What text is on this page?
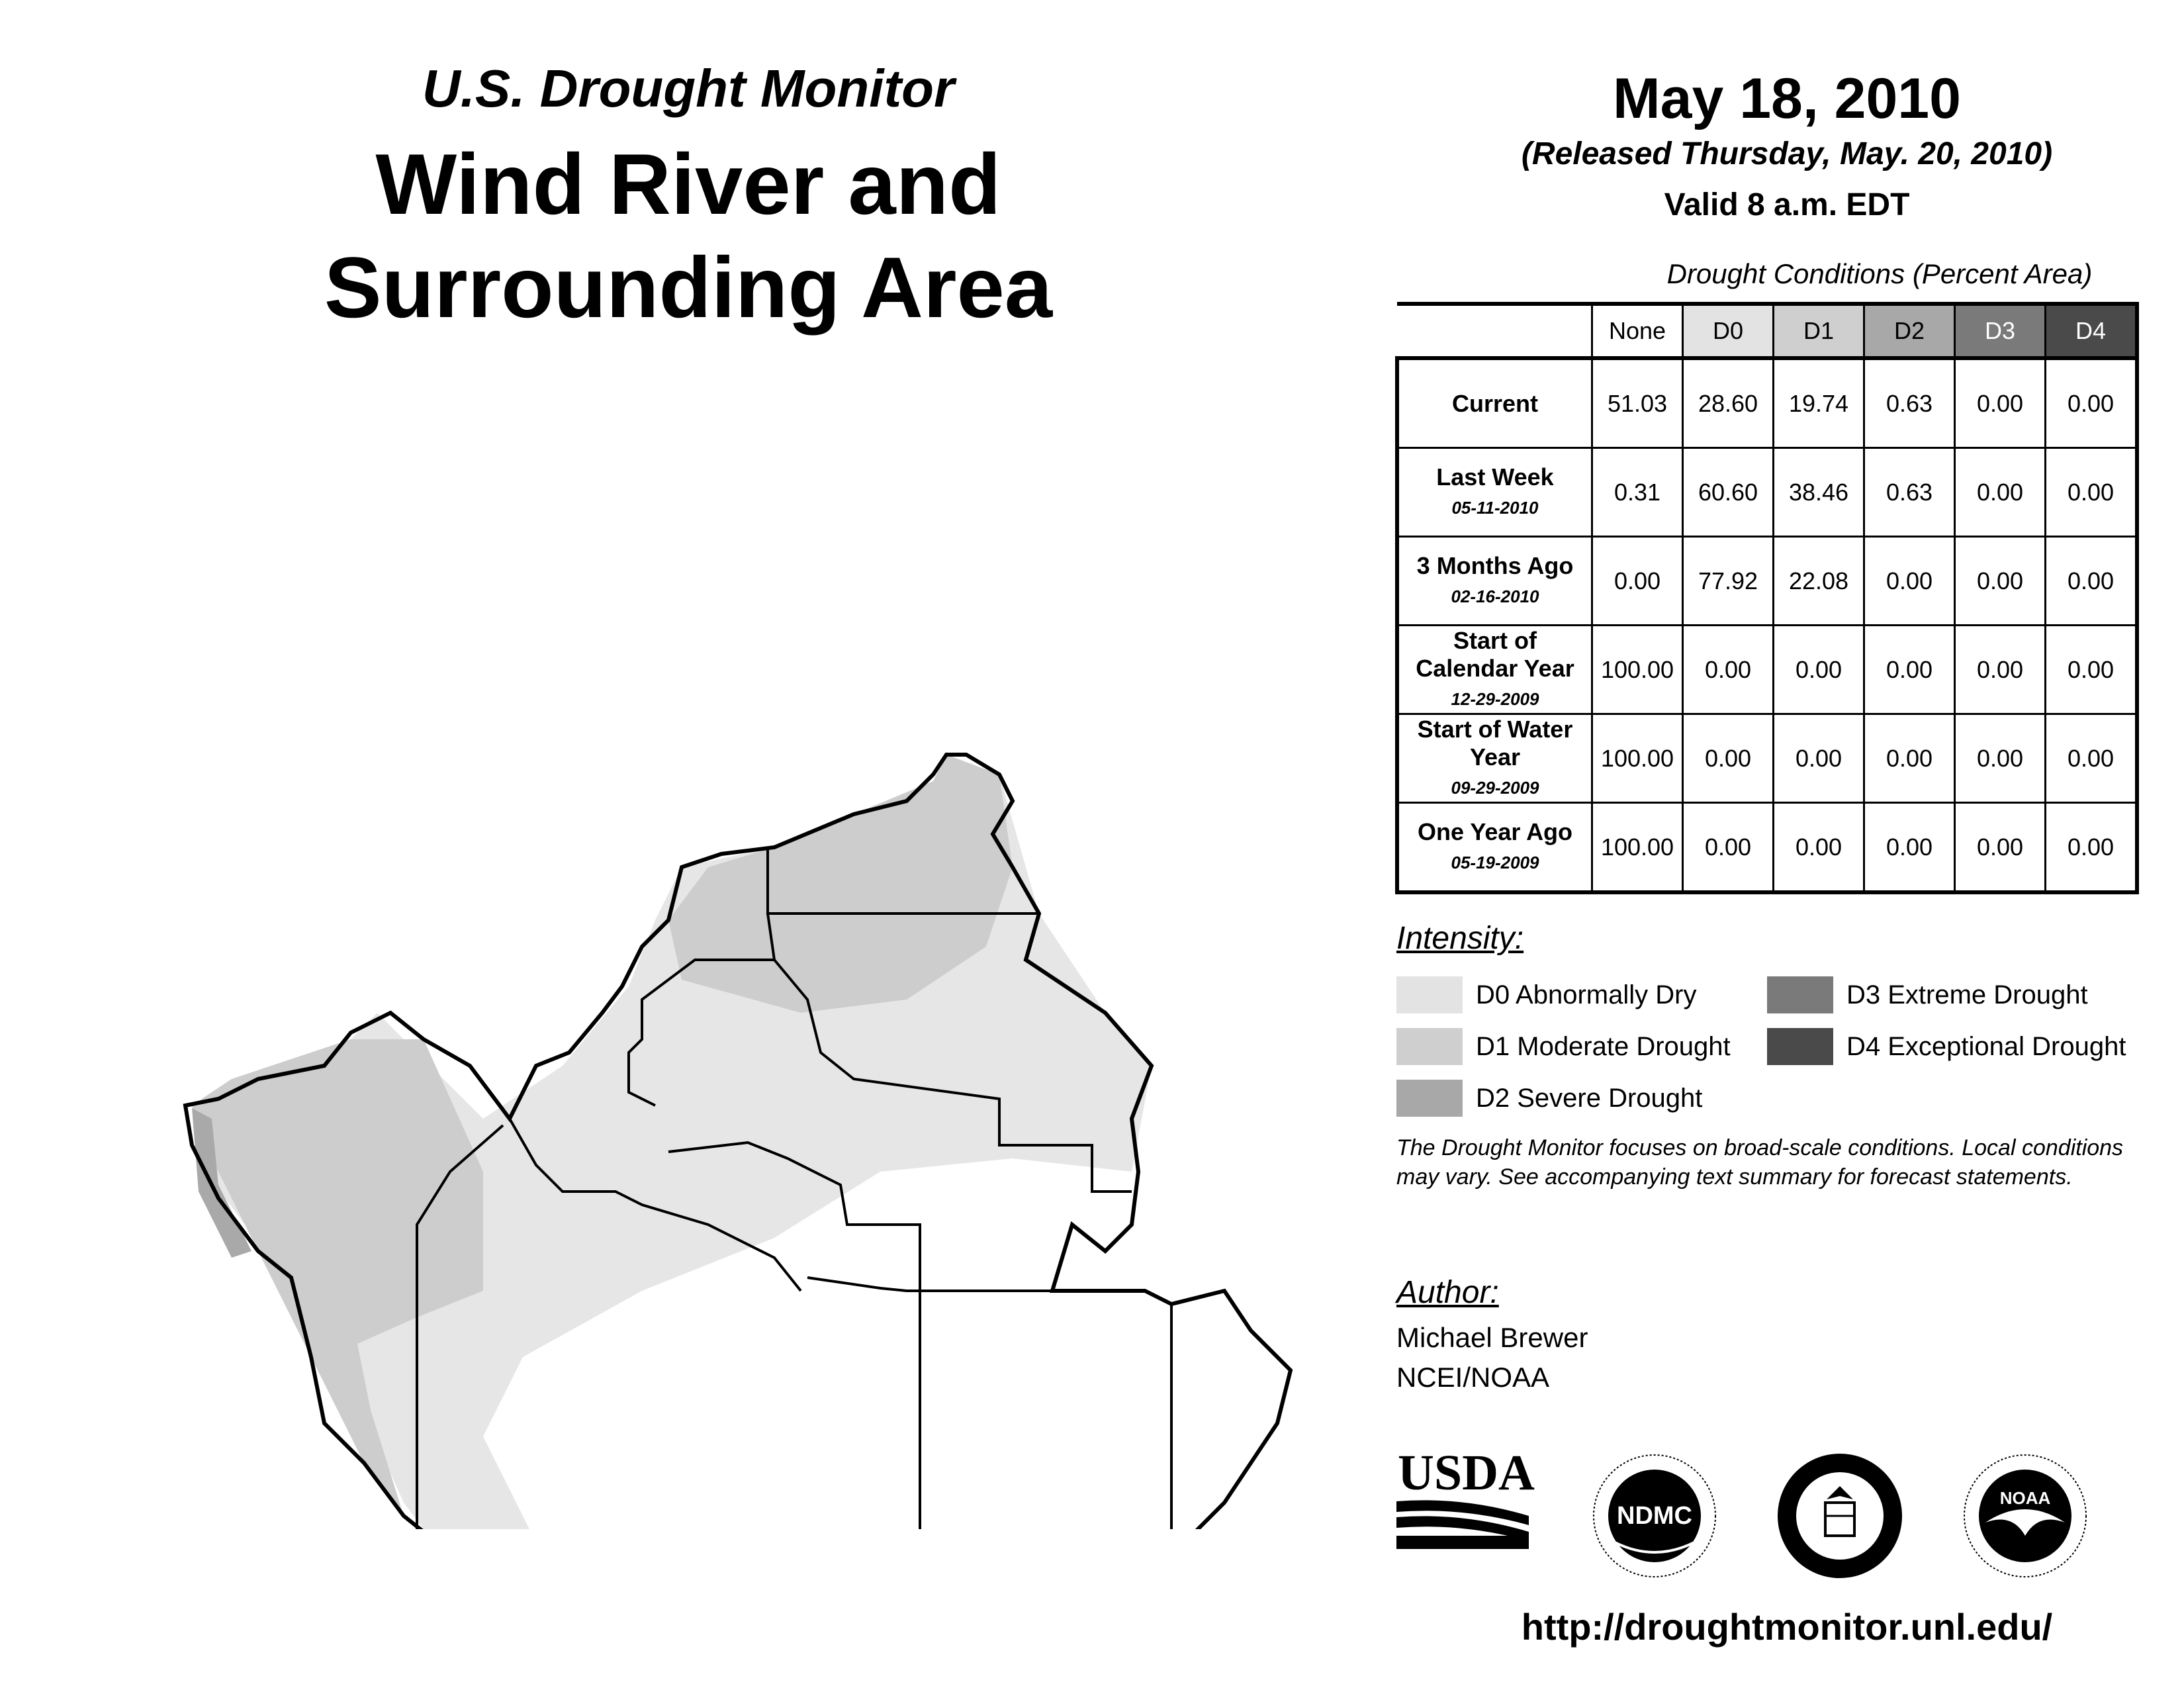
U.S. Drought Monitor
Wind River and
Surrounding Area
May 18, 2010
(Released Thursday, May. 20, 2010)
Valid 8 a.m. EDT
Drought Conditions (Percent Area)
	None	D0	D1	D2	D3	D4
Current	51.03	28.60	19.74	0.63	0.00	0.00
Last Week
05-11-2010	0.31	60.60	38.46	0.63	0.00	0.00
3 Months Ago
02-16-2010	0.00	77.92	22.08	0.00	0.00	0.00
Start of Calendar Year
12-29-2009	100.00	0.00	0.00	0.00	0.00	0.00
Start of Water Year
09-29-2009	100.00	0.00	0.00	0.00	0.00	0.00
One Year Ago
05-19-2009	100.00	0.00	0.00	0.00	0.00	0.00
Intensity:
D0 Abnormally Dry
D1 Moderate Drought
D2 Severe Drought
D3 Extreme Drought
D4 Exceptional Drought
The Drought Monitor focuses on broad-scale conditions. Local conditions may vary. See accompanying text summary for forecast statements.
Author:
Michael Brewer
NCEI/NOAA
USDA
NDMC
NOAA
http://droughtmonitor.unl.edu/
